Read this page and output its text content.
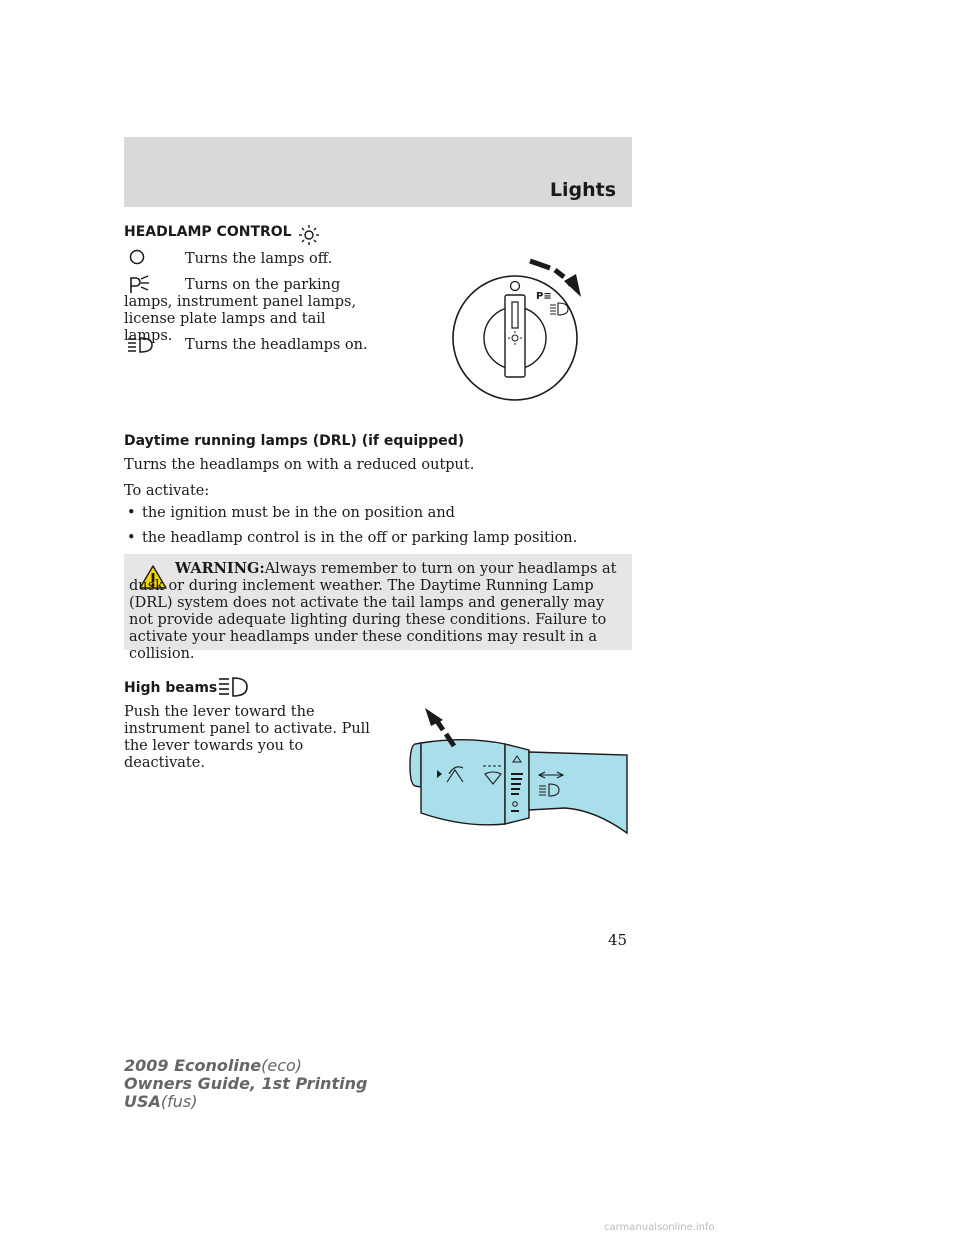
Lights
HEADLAMP CONTROL
Turns the lamps off.
Turns on the parking lamps, instrument panel lamps, license plate lamps and tail lamps.
Turns the headlamps on.
P≡
Daytime running lamps (DRL) (if equipped)
Turns the headlamps on with a reduced output.
To activate:
• the ignition must be in the on position and
• the headlamp control is in the off or parking lamp position.
WARNING:Always remember to turn on your headlamps at dusk or during inclement weather. The Daytime Running Lamp (DRL) system does not activate the tail lamps and generally may not provide adequate lighting during these conditions. Failure to activate your headlamps under these conditions may result in a collision.
High beams
Push the lever toward the instrument panel to activate. Pull the lever towards you to deactivate.
45
2009 Econoline(eco)
Owners Guide, 1st Printing
USA(fus)
carmanualsonline.info
